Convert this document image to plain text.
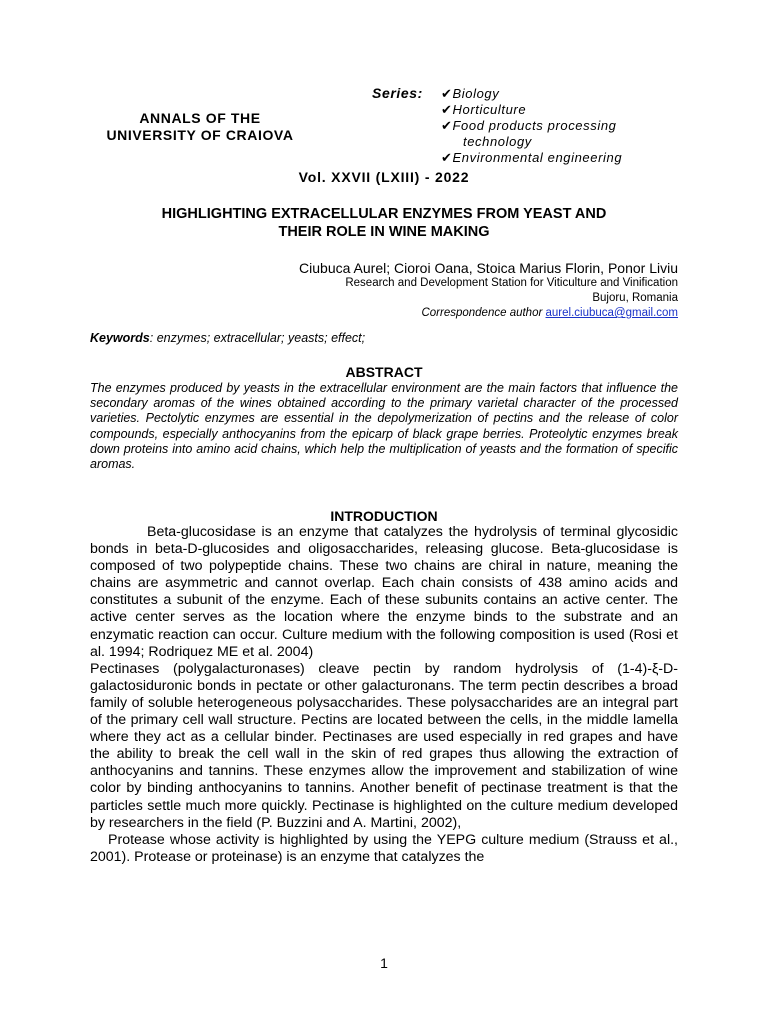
ANNALS OF THE
UNIVERSITY OF CRAIOVA
Series: ✔Biology
✔Horticulture
✔Food products processing
technology
✔Environmental engineering
Vol. XXVII (LXIII) - 2022
HIGHLIGHTING EXTRACELLULAR ENZYMES FROM YEAST AND
THEIR ROLE IN WINE MAKING
Ciubuca Aurel; Cioroi Oana, Stoica Marius Florin, Ponor Liviu
Research and Development Station for Viticulture and Vinification
Bujoru, Romania
Correspondence author aurel.ciubuca@gmail.com
Keywords: enzymes; extracellular; yeasts; effect;
ABSTRACT
The enzymes produced by yeasts in the extracellular environment are the main factors that influence the secondary aromas of the wines obtained according to the primary varietal character of the processed varieties. Pectolytic enzymes are essential in the depolymerization of pectins and the release of color compounds, especially anthocyanins from the epicarp of black grape berries. Proteolytic enzymes break down proteins into amino acid chains, which help the multiplication of yeasts and the formation of specific aromas.
INTRODUCTION

Beta-glucosidase is an enzyme that catalyzes the hydrolysis of terminal glycosidic bonds in beta-D-glucosides and oligosaccharides, releasing glucose. Beta-glucosidase is composed of two polypeptide chains. These two chains are chiral in nature, meaning the chains are asymmetric and cannot overlap. Each chain consists of 438 amino acids and constitutes a subunit of the enzyme. Each of these subunits contains an active center. The active center serves as the location where the enzyme binds to the substrate and an enzymatic reaction can occur. Culture medium with the following composition is used (Rosi et al. 1994; Rodriquez ME et al. 2004)

Pectinases (polygalacturonases) cleave pectin by random hydrolysis of (1-4)-ξ-D-galactosiduronic bonds in pectate or other galacturonans. The term pectin describes a broad family of soluble heterogeneous polysaccharides. These polysaccharides are an integral part of the primary cell wall structure. Pectins are located between the cells, in the middle lamella where they act as a cellular binder. Pectinases are used especially in red grapes and have the ability to break the cell wall in the skin of red grapes thus allowing the extraction of anthocyanins and tannins. These enzymes allow the improvement and stabilization of wine color by binding anthocyanins to tannins. Another benefit of pectinase treatment is that the particles settle much more quickly. Pectinase is highlighted on the culture medium developed by researchers in the field (P. Buzzini and A. Martini, 2002),

Protease whose activity is highlighted by using the YEPG culture medium (Strauss et al., 2001). Protease or proteinase) is an enzyme that catalyzes the

1
